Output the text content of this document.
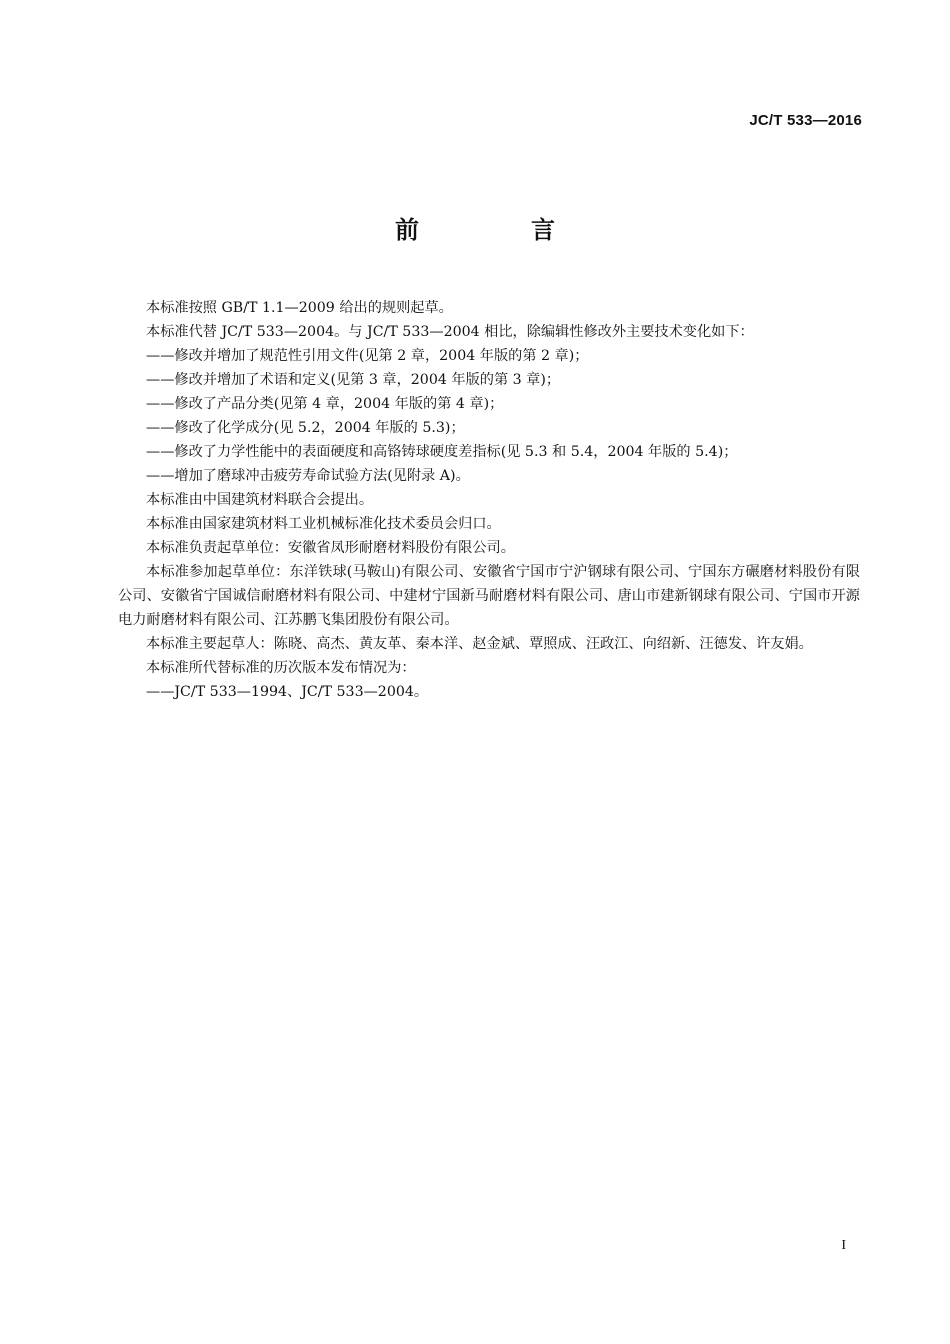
JC/T 533—2016
前　言

本标准按照 GB/T 1.1—2009 给出的规则起草。

本标准代替 JC/T 533—2004。与 JC/T 533—2004 相比，除编辑性修改外主要技术变化如下：

——修改并增加了规范性引用文件(见第 2 章，2004 年版的第 2 章)；

——修改并增加了术语和定义(见第 3 章，2004 年版的第 3 章)；

——修改了产品分类(见第 4 章，2004 年版的第 4 章)；

——修改了化学成分(见 5.2，2004 年版的 5.3)；

——修改了力学性能中的表面硬度和高铬铸球硬度差指标(见 5.3 和 5.4，2004 年版的 5.4)；

——增加了磨球冲击疲劳寿命试验方法(见附录 A)。

本标准由中国建筑材料联合会提出。

本标准由国家建筑材料工业机械标准化技术委员会归口。

本标准负责起草单位：安徽省凤形耐磨材料股份有限公司。

本标准参加起草单位：东洋铁球(马鞍山)有限公司、安徽省宁国市宁沪钢球有限公司、宁国东方碾磨材料股份有限公司、安徽省宁国诚信耐磨材料有限公司、中建材宁国新马耐磨材料有限公司、唐山市建新钢球有限公司、宁国市开源电力耐磨材料有限公司、江苏鹏飞集团股份有限公司。

本标准主要起草人：陈晓、高杰、黄友革、秦本洋、赵金斌、覃照成、汪政江、向绍新、汪德发、许友娟。

本标准所代替标准的历次版本发布情况为：

——JC/T 533—1994、JC/T 533—2004。

I
